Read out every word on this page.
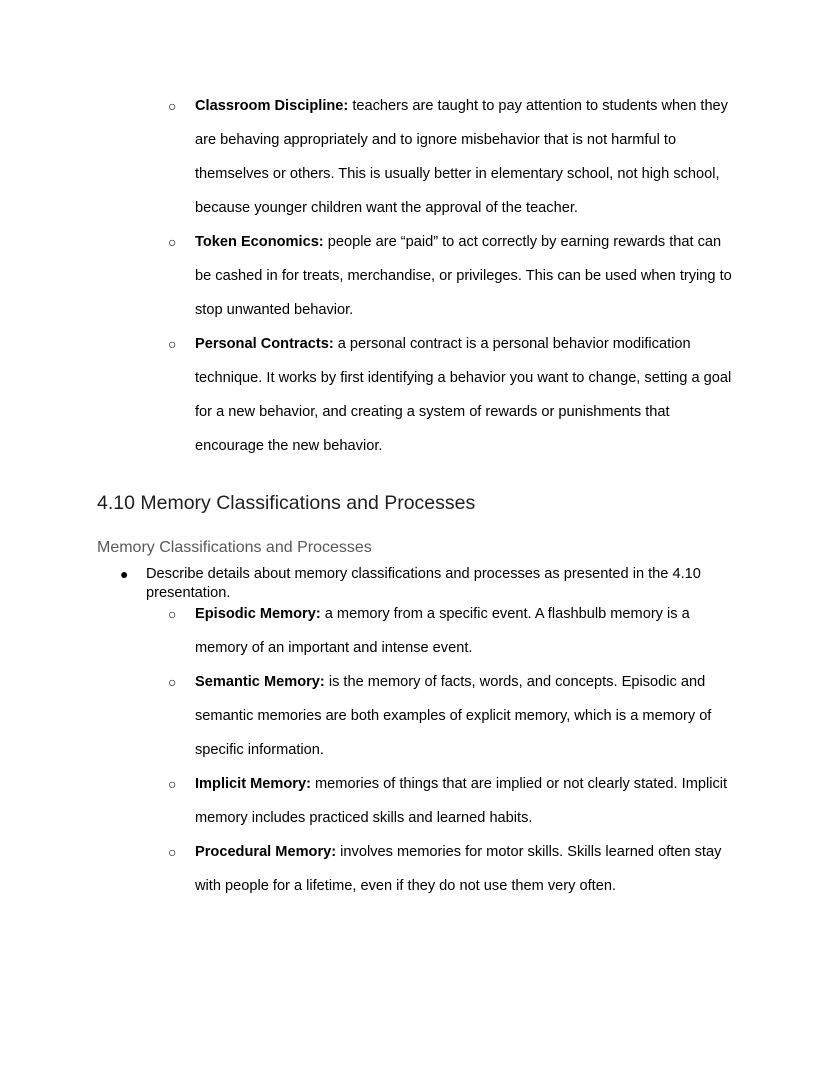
○ Classroom Discipline: teachers are taught to pay attention to students when they are behaving appropriately and to ignore misbehavior that is not harmful to themselves or others. This is usually better in elementary school, not high school, because younger children want the approval of the teacher.
○ Token Economics: people are “paid” to act correctly by earning rewards that can be cashed in for treats, merchandise, or privileges. This can be used when trying to stop unwanted behavior.
○ Personal Contracts: a personal contract is a personal behavior modification technique. It works by first identifying a behavior you want to change, setting a goal for a new behavior, and creating a system of rewards or punishments that encourage the new behavior.
4.10 Memory Classifications and Processes
Memory Classifications and Processes
● Describe details about memory classifications and processes as presented in the 4.10 presentation.
○ Episodic Memory: a memory from a specific event. A flashbulb memory is a memory of an important and intense event.
○ Semantic Memory: is the memory of facts, words, and concepts. Episodic and semantic memories are both examples of explicit memory, which is a memory of specific information.
○ Implicit Memory: memories of things that are implied or not clearly stated. Implicit memory includes practiced skills and learned habits.
○ Procedural Memory: involves memories for motor skills. Skills learned often stay with people for a lifetime, even if they do not use them very often.
